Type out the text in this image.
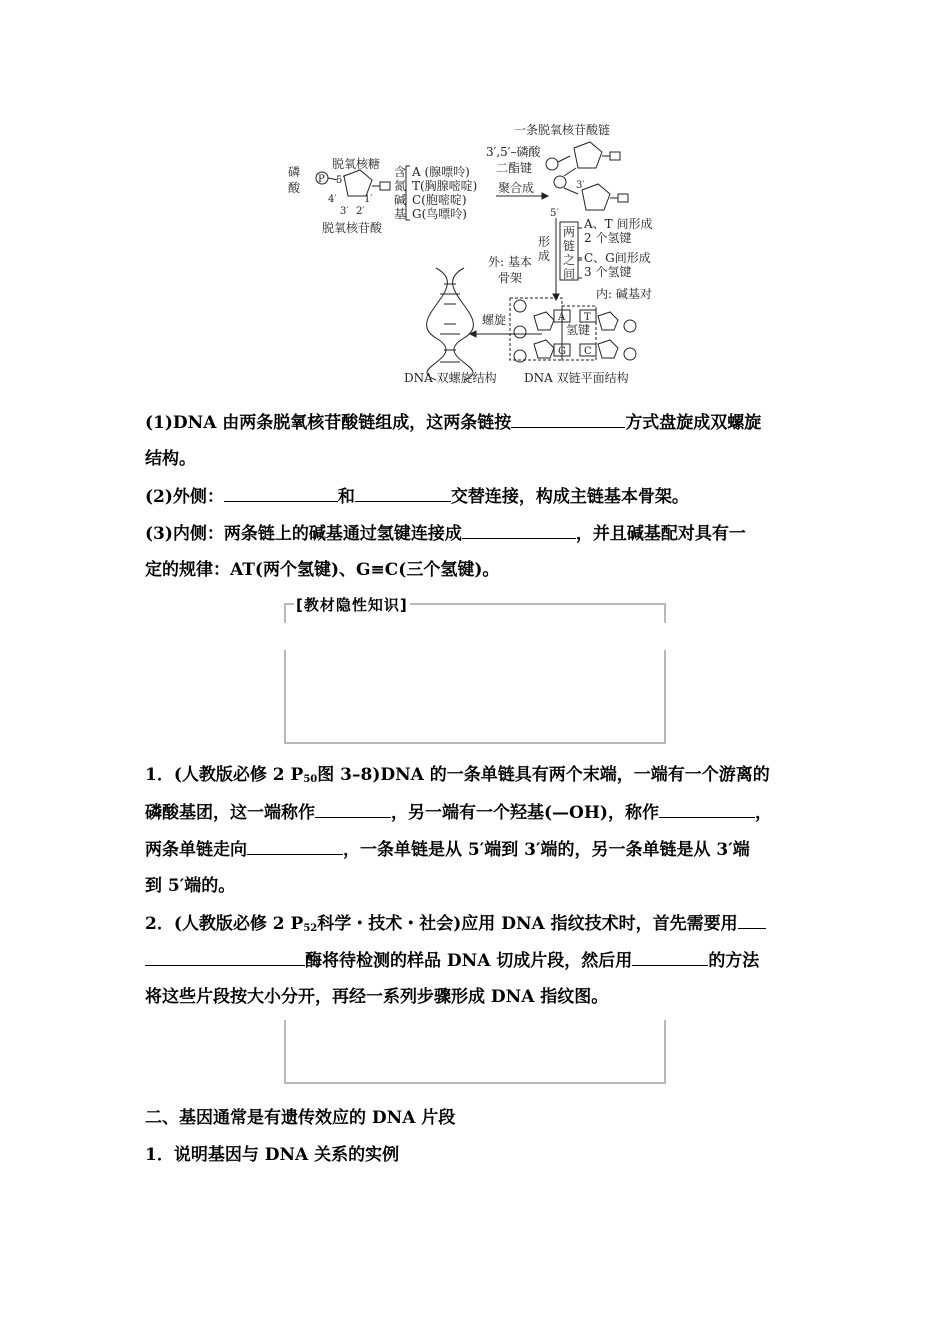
磷
酸
P
脱氧核糖
5′
4′	1′
3′ 2′
脱氧核苷酸
含
氮
碱
基
A (腺嘌呤)
T(胸腺嘧啶)
C(胞嘧啶)
G(鸟嘌呤)
一条脱氧核苷酸链
3′,5′–磷酸
二酯键
聚合成	3′
5′
形
成
两
链
之
间
A、T 间形成
2 个氢键
C、G间形成
3 个氢键
外: 基本
骨架
内: 碱基对
A T
G C
氢 键
螺旋
DNA 双螺旋结构 DNA 双链平面结构
(1)DNA 由两条脱氧核苷酸链组成，这两条链按	方式盘旋成双螺旋
结构。
(2)外侧：	和	交替连接，构成主链基本骨架。
(3)内侧：两条链上的碱基通过氢键连接成	，并且碱基配对具有一
定的规律：AT(两个氢键)、G≡C(三个氢键)。
[教材隐性知识]
1．(人教版必修 2 $P_{50}$图 3–8)DNA 的一条单链具有两个末端，一端有一个游离的
磷酸基团，这一端称作	，另一端有一个羟基(—OH)，称作	，
两条单链走向	，一条单链是从 5′端到 3′端的，另一条单链是从 3′端
到 5′端的。
2．(人教版必修 2 $P_{52}$科学・技术・社会)应用 DNA 指纹技术时，首先需要用
酶将待检测的样品 DNA 切成片段，然后用	的方法
将这些片段按大小分开，再经一系列步骤形成 DNA 指纹图。
二、基因通常是有遗传效应的 DNA 片段
1．说明基因与 DNA 关系的实例
